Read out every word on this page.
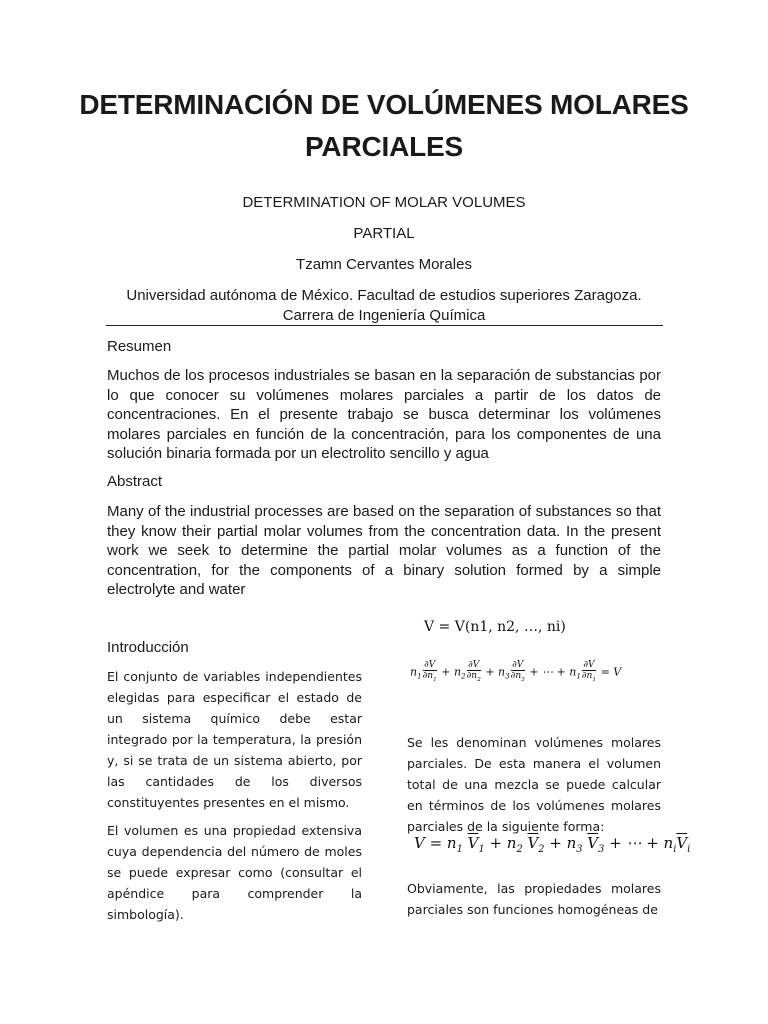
DETERMINACIÓN DE VOLÚMENES MOLARES PARCIALES
DETERMINATION OF MOLAR VOLUMES
PARTIAL
Tzamn Cervantes Morales
Universidad autónoma de México. Facultad de estudios superiores Zaragoza.
Carrera de Ingeniería Química
Resumen
Muchos de los procesos industriales se basan en la separación de substancias por lo que conocer su volúmenes molares parciales a partir de los datos de concentraciones. En el presente trabajo se busca determinar los volúmenes molares parciales en función de la concentración, para los componentes de una solución binaria formada por un electrolito sencillo y agua
Abstract
Many of the industrial processes are based on the separation of substances so that they know their partial molar volumes from the concentration data. In the present work we seek to determine the partial molar volumes as a function of the concentration, for the components of a binary solution formed by a simple electrolyte and water
Introducción
El conjunto de variables independientes elegidas para especificar el estado de un sistema químico debe estar integrado por la temperatura, la presión y, si se trata de un sistema abierto, por las cantidades de los diversos constituyentes presentes en el mismo.
El volumen es una propiedad extensiva cuya dependencia del número de moles se puede expresar como (consultar el apéndice para comprender la simbología).
V = V(n1, n2, …, ni)
$n_1 \frac{\partial V}{\partial n_1} + n_2 \frac{\partial V}{\partial n_2} + n_3 \frac{\partial V}{\partial n_3}$ + ⋯ + $n_1 \frac{\partial V}{\partial n_1} = V$
Se les denominan volúmenes molares parciales. De esta manera el volumen total de una mezcla se puede calcular en términos de los volúmenes molares parciales de la siguiente forma:
$V = n_1$ $\overline{V}_1 + n_2$ $\overline{V}_2 + n_3$ $\overline{V}_3$ + ⋯ + $n_i\overline{V}_i$
Obviamente, las propiedades molares parciales son funciones homogéneas de
